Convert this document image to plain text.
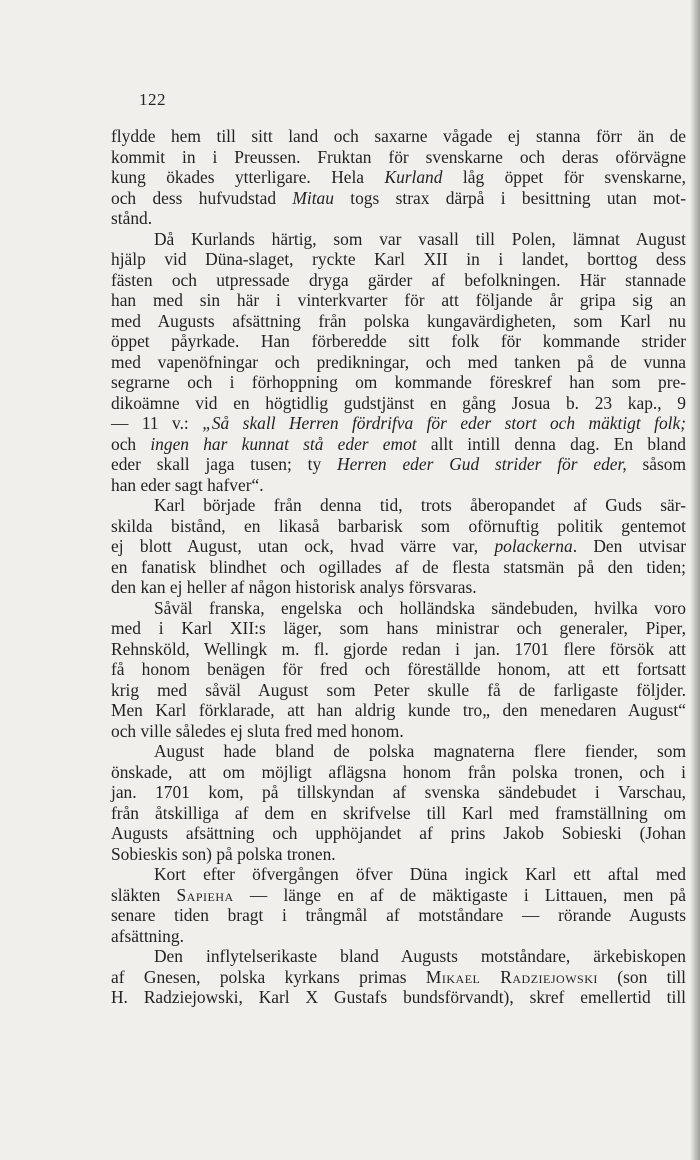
122
flydde hem till sitt land och saxarne vågade ej stanna förr än de
kommit in i Preussen. Fruktan för svenskarne och deras oförvägne
kung ökades ytterligare. Hela Kurland låg öppet för svenskarne,
och dess hufvudstad Mitau togs strax därpå i besittning utan mot-
stånd.
Då Kurlands härtig, som var vasall till Polen, lämnat August
hjälp vid Düna-slaget, ryckte Karl XII in i landet, borttog dess
fästen och utpressade dryga gärder af befolkningen. Här stannade
han med sin här i vinterkvarter för att följande år gripa sig an
med Augusts afsättning från polska kungavärdigheten, som Karl nu
öppet påyrkade. Han förberedde sitt folk för kommande strider
med vapenöfningar och predikningar, och med tanken på de vunna
segrarne och i förhoppning om kommande föreskref han som pre-
dikoämne vid en högtidlig gudstjänst en gång Josua b. 23 kap., 9
— 11 v.: „Så skall Herren fördrifva för eder stort och mäktigt folk;
och ingen har kunnat stå eder emot allt intill denna dag. En bland
eder skall jaga tusen; ty Herren eder Gud strider för eder, såsom
han eder sagt hafver“.
Karl började från denna tid, trots åberopandet af Guds sär-
skilda bistånd, en likaså barbarisk som oförnuftig politik gentemot
ej blott August, utan ock, hvad värre var, polackerna. Den utvisar
en fanatisk blindhet och ogillades af de flesta statsmän på den tiden;
den kan ej heller af någon historisk analys försvaras.
Såväl franska, engelska och holländska sändebuden, hvilka voro
med i Karl XII:s läger, som hans ministrar och generaler, Piper,
Rehnsköld, Wellingk m. fl. gjorde redan i jan. 1701 flere försök att
få honom benägen för fred och föreställde honom, att ett fortsatt
krig med såväl August som Peter skulle få de farligaste följder.
Men Karl förklarade, att han aldrig kunde tro„ den menedaren August“
och ville således ej sluta fred med honom.
August hade bland de polska magnaterna flere fiender, som
önskade, att om möjligt aflägsna honom från polska tronen, och i
jan. 1701 kom, på tillskyndan af svenska sändebudet i Varschau,
från åtskilliga af dem en skrifvelse till Karl med framställning om
Augusts afsättning och upphöjandet af prins Jakob Sobieski (Johan
Sobieskis son) på polska tronen.
Kort efter öfvergången öfver Düna ingick Karl ett aftal med
släkten Sapieha — länge en af de mäktigaste i Littauen, men på
senare tiden bragt i trångmål af motståndare — rörande Augusts
afsättning.
Den inflytelserikaste bland Augusts motståndare, ärkebiskopen
af Gnesen, polska kyrkans primas Mikael Radziejowski (son till
H. Radziejowski, Karl X Gustafs bundsförvandt), skref emellertid till
